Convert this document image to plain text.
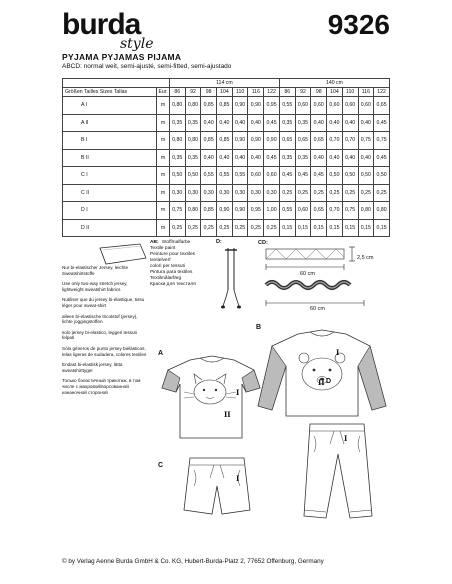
burda
style
9326
PYJAMA PYJAMAS PIJAMA
ABCD: normal weit, semi-ajusté, semi-fitted, semi-ajustado
		114 cm							140 cm						
Größen Tailles Sizes Tallas	Eur.	86	92	98	104	110	116	122	86	92	98	104	110	116	122
A I	m	0,80	0,80	0,85	0,85	0,90	0,90	0,95	0,55	0,60	0,60	0,60	0,60	0,60	0,65
A II	m	0,35	0,35	0,40	0,40	0,40	0,40	0,45	0,35	0,35	0,40	0,40	0,40	0,40	0,45
B I	m	0,80	0,80	0,85	0,85	0,90	0,90	0,90	0,65	0,65	0,65	0,70	0,70	0,75	0,75
B II	m	0,35	0,35	0,40	0,40	0,40	0,40	0,45	0,35	0,35	0,40	0,40	0,40	0,40	0,45
C I	m	0,50	0,50	0,55	0,55	0,55	0,60	0,60	0,45	0,45	0,45	0,50	0,50	0,50	0,50
C II	m	0,30	0,30	0,30	0,30	0,30	0,30	0,30	0,25	0,25	0,25	0,25	0,25	0,25	0,25
D I	m	0,75	0,80	0,85	0,90	0,90	0,95	1,00	0,55	0,60	0,65	0,70	0,75	0,80	0,80
D II	m	0,25	0,25	0,25	0,25	0,25	0,25	0,25	0,15	0,15	0,15	0,15	0,15	0,15	0,15
Nur bi-elastischer Jersey, leichte Sweatshirtstoffe
Use only two-way stretch jersey, lightweight sweatshirt fabrics
Nutiliser que du jersey bi-élastique, tissu léger pour sweat-shirt
alleen bi-elastische tricotstof (jersey), lichte joggingstoffen
solo jersey bi-elastico, leggeri tessuti felpati
Sólo géneros de punto jersey bielásticos, telas ligeras de sudadera, colores textiles
Endast bi-elastisk jersey, lätta sweatshirttyger
Только бэластичный трикотаж, в том числе с махровой/ворсованной изнаночной стороной
AB: Stoffmalfarbe
Textile paint
Peinture pour textiles
textielverf
colori per tessuti
Pintura para textiles
Textilmålarfärg
Краски для текстиля
D:	CD:
60 cm
2,5 cm
60 cm
A
B
C
D
I
II
I
II
I
I
© by Verlag Aenne Burda GmbH & Co. KG, Hubert-Burda-Platz 2, 77652 Offenburg, Germany
